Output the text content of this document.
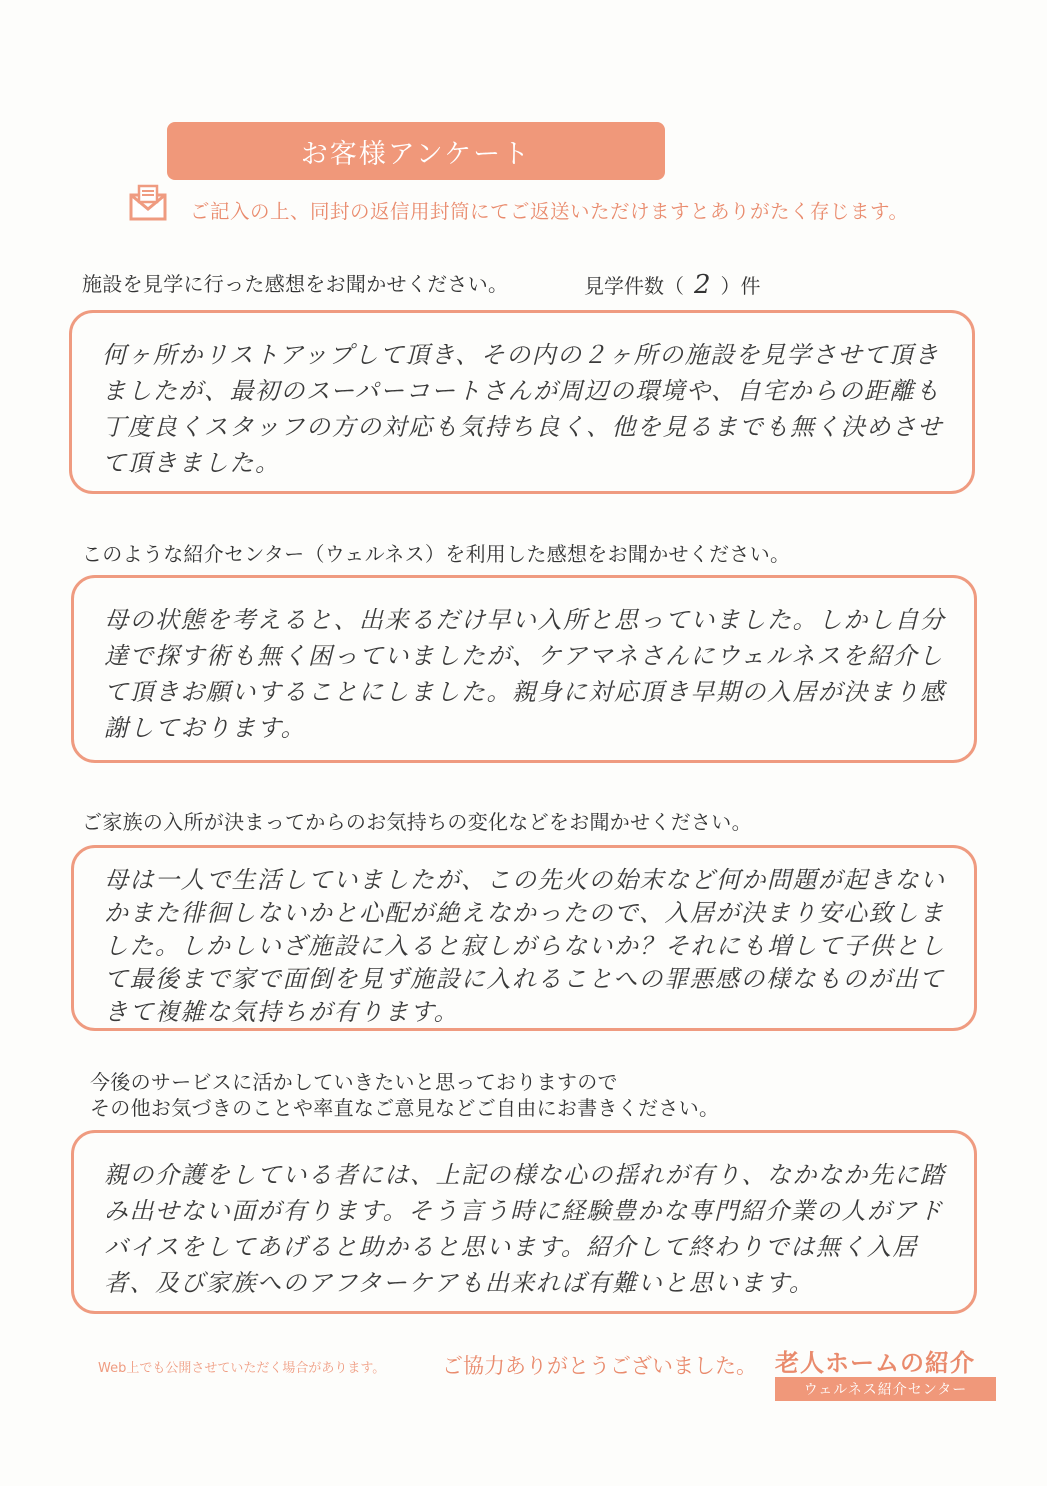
お客様アンケート
ご記入の上、同封の返信用封筒にてご返送いただけますとありがたく存じます。
施設を見学に行った感想をお聞かせください。	見学件数（ 2 ）件
何ヶ所かリストアップして頂き、その内の２ヶ所の施設を見学させて頂きましたが、最初のスーパーコートさんが周辺の環境や、自宅からの距離も丁度良くスタッフの方の対応も気持ち良く、他を見るまでも無く決めさせて頂きました。
このような紹介センター（ウェルネス）を利用した感想をお聞かせください。
母の状態を考えると、出来るだけ早い入所と思っていました。しかし自分達で探す術も無く困っていましたが、ケアマネさんにウェルネスを紹介して頂きお願いすることにしました。親身に対応頂き早期の入居が決まり感謝しております。
ご家族の入所が決まってからのお気持ちの変化などをお聞かせください。
母は一人で生活していましたが、この先火の始末など何か問題が起きないかまた徘徊しないかと心配が絶えなかったので、入居が決まり安心致しました。しかしいざ施設に入ると寂しがらないか？それにも増して子供として最後まで家で面倒を見ず施設に入れることへの罪悪感の様なものが出てきて複雑な気持ちが有ります。
今後のサービスに活かしていきたいと思っておりますので
その他お気づきのことや率直なご意見などご自由にお書きください。
親の介護をしている者には、上記の様な心の揺れが有り、なかなか先に踏み出せない面が有ります。そう言う時に経験豊かな専門紹介業の人がアドバイスをしてあげると助かると思います。紹介して終わりでは無く入居者、及び家族へのアフターケアも出来れば有難いと思います。
Web上でも公開させていただく場合があります。	ご協力ありがとうございました。 老人ホームの紹介
ウェルネス紹介センター
